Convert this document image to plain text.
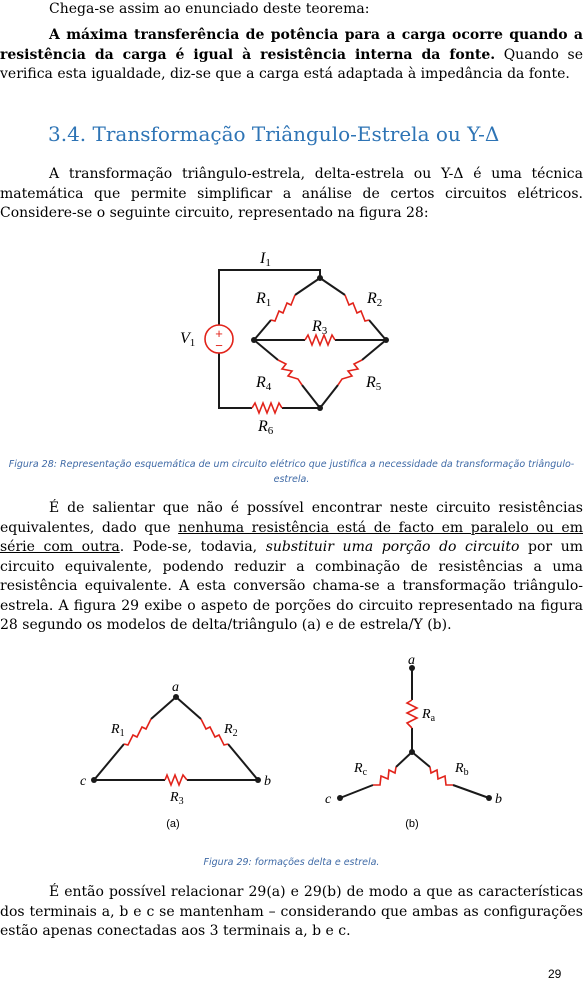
Chega-se assim ao enunciado deste teorema:
A máxima transferência de potência para a carga ocorre quando a resistência da carga é igual à resistência interna da fonte. Quando se verifica esta igualdade, diz-se que a carga está adaptada à impedância da fonte.
3.4. Transformação Triângulo-Estrela ou Y-Δ
A transformação triângulo-estrela, delta-estrela ou Y-Δ é uma técnica matemática que permite simplificar a análise de certos circuitos elétricos. Considere-se o seguinte circuito, representado na figura 28:
+
−
I1
V1
R1	R2
R3
R4	R5
R6
Figura 28: Representação esquemática de um circuito elétrico que justifica a necessidade da transformação triângulo-estrela.
É de salientar que não é possível encontrar neste circuito resistências equivalentes, dado que nenhuma resistência está de facto em paralelo ou em série com outra. Pode-se, todavia, substituir uma porção do circuito por um circuito equivalente, podendo reduzir a combinação de resistências a uma resistência equivalente. A esta conversão chama-se a transformação triângulo-estrela. A figura 29 exibe o aspeto de porções do circuito representado na figura 28 segundo os modelos de delta/triângulo (a) e de estrela/Y (b).
a
c	b
$R_1$	$R_2$
$R_3$
(a)
a
c	b
$R_a$
$R_c$	$R_b$
(b)
Figura 29: formações delta e estrela.
É então possível relacionar 29(a) e 29(b) de modo a que as características dos terminais a, b e c se mantenham – considerando que ambas as configurações estão apenas conectadas aos 3 terminais a, b e c.
29
